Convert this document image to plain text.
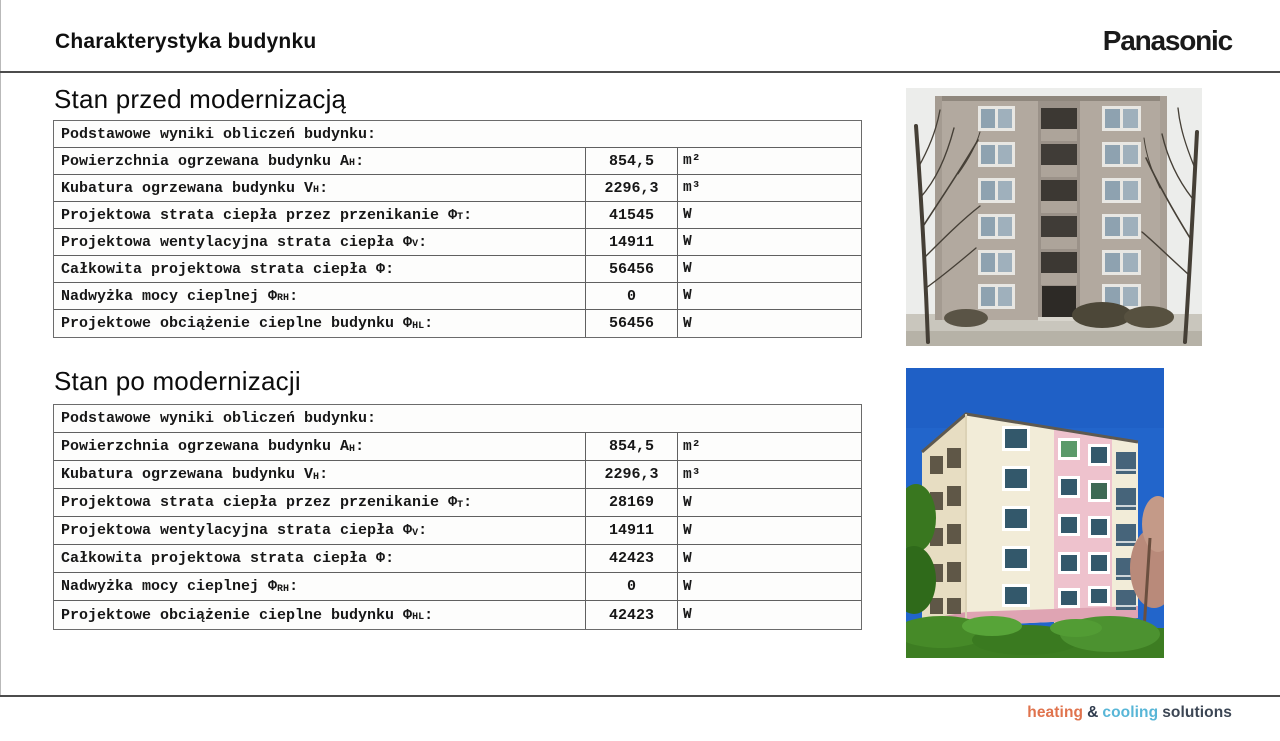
Charakterystyka budynku	Panasonic
Stan przed modernizacją
Podstawowe wyniki obliczeń budynku:
Powierzchnia ogrzewana budynku A H :	854,5	m²
Kubatura ogrzewana budynku V H :	2296,3	m³
Projektowa strata ciepła przez przenikanie Φ T :	41545	W
Projektowa wentylacyjna strata ciepła Φ V :	14911	W
Całkowita projektowa strata ciepła Φ:	56456	W
Nadwyżka mocy cieplnej Φ RH :	0	W
Projektowe obciążenie cieplne budynku Φ HL :	56456	W
Stan po modernizacji
Podstawowe wyniki obliczeń budynku:
Powierzchnia ogrzewana budynku A H :	854,5	m²
Kubatura ogrzewana budynku V H :	2296,3	m³
Projektowa strata ciepła przez przenikanie Φ T :	28169	W
Projektowa wentylacyjna strata ciepła Φ V :	14911	W
Całkowita projektowa strata ciepła Φ:	42423	W
Nadwyżka mocy cieplnej Φ RH :	0	W
Projektowe obciążenie cieplne budynku Φ HL :	42423	W
heating & cooling solutions
